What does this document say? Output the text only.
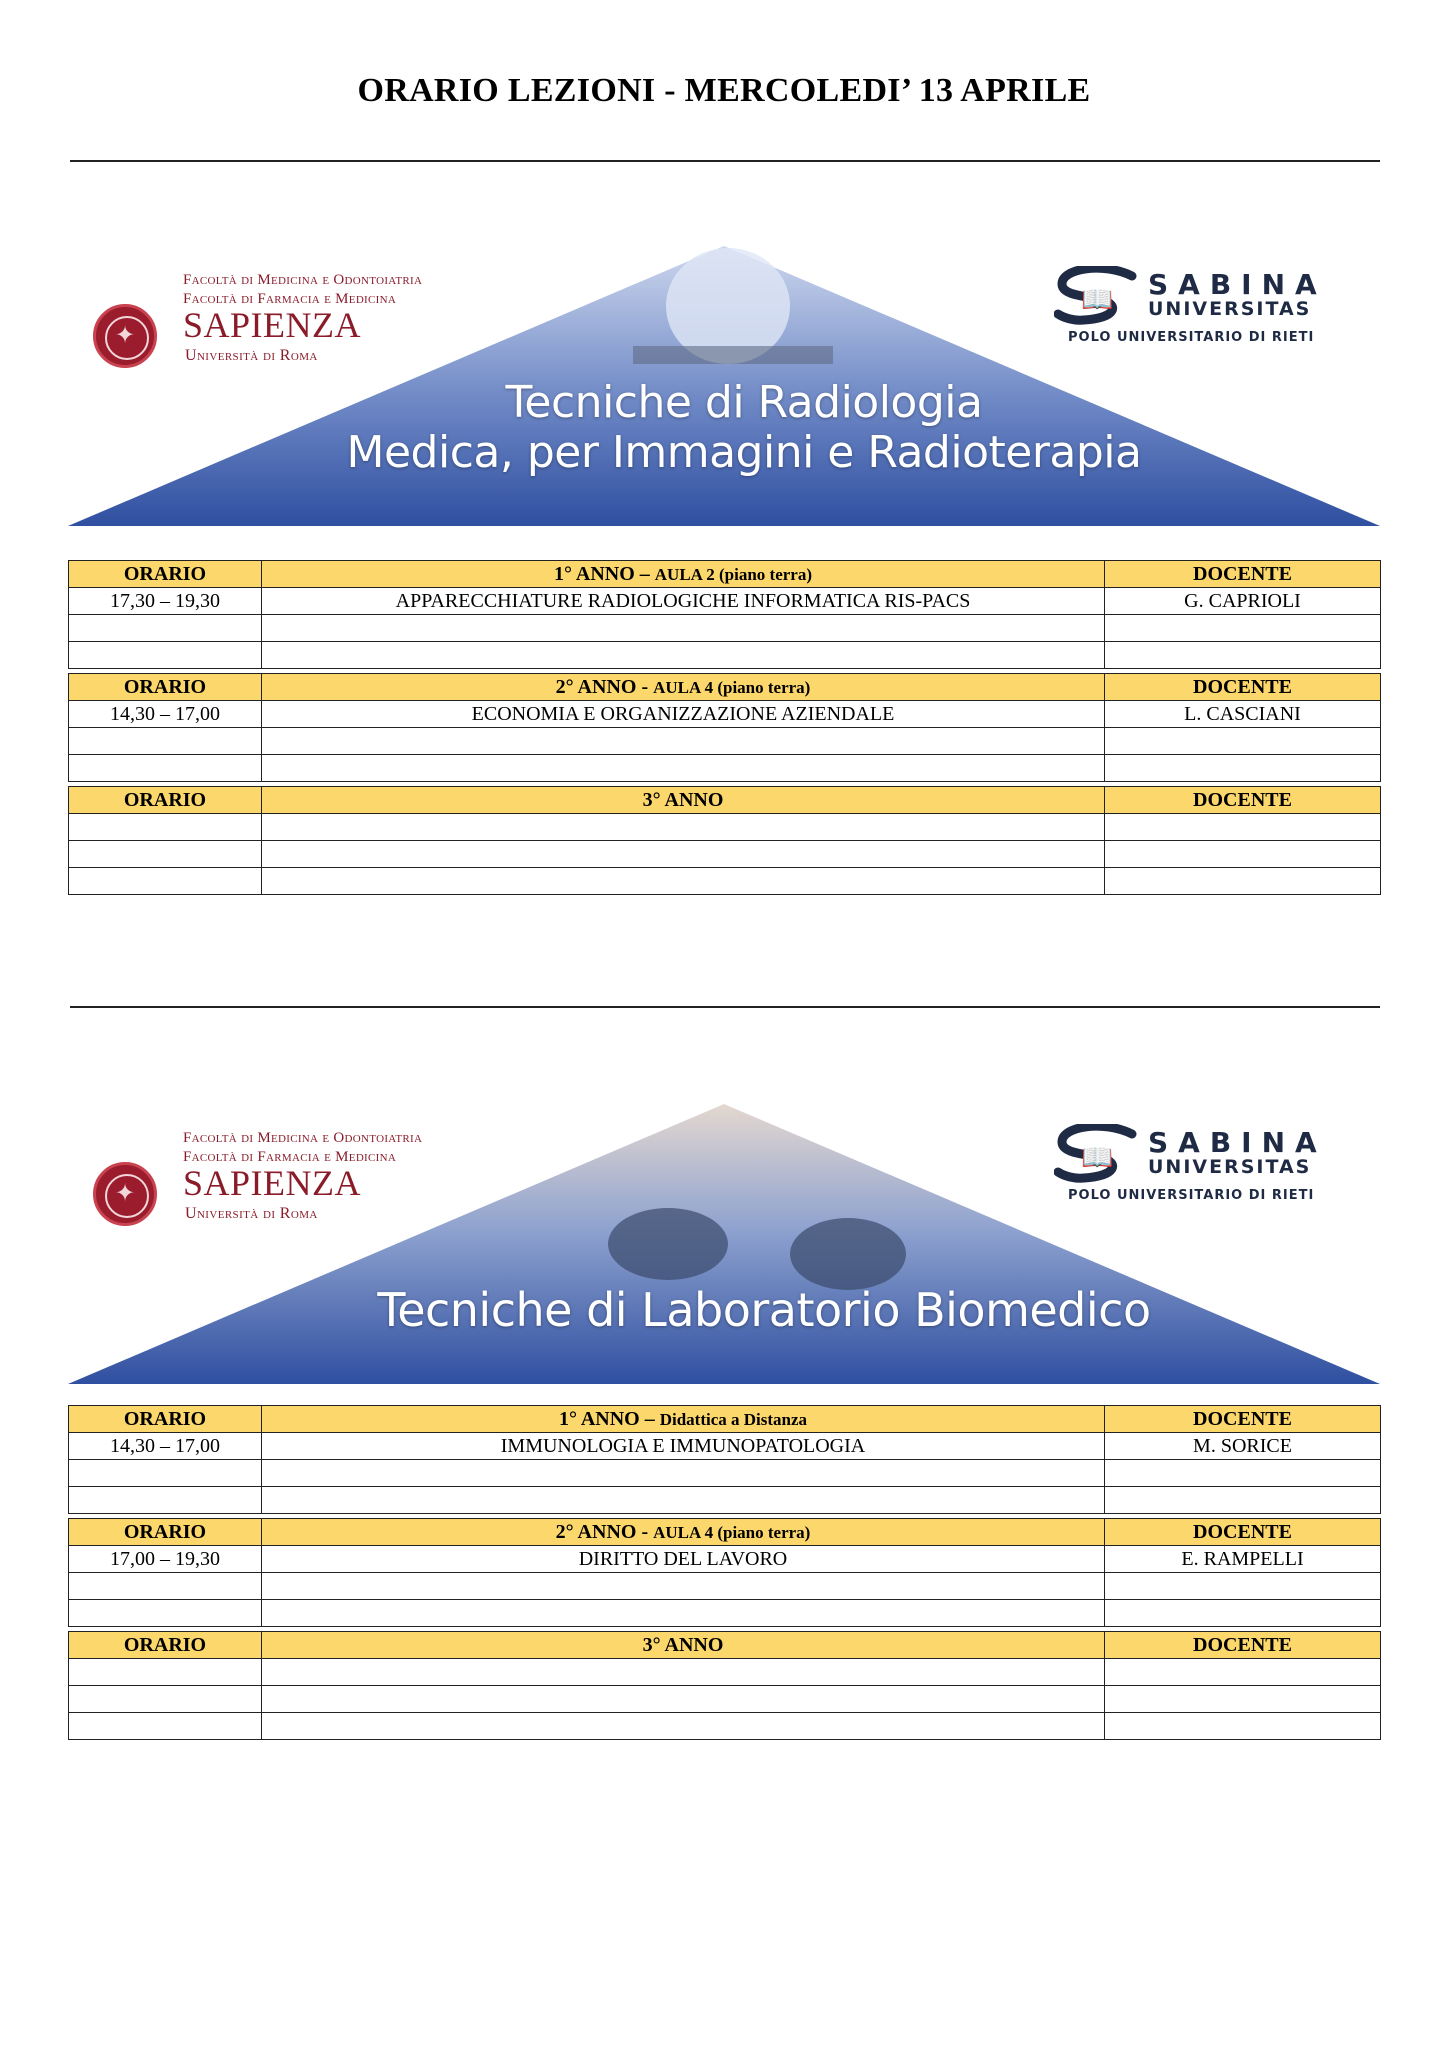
ORARIO LEZIONI - MERCOLEDI’ 13 APRILE
Facoltà di Medicina e Odontoiatria
Facoltà di Farmacia e Medicina
✦
SAPIENZA
Università di Roma
📖 SABINA
UNIVERSITAS
POLO UNIVERSITARIO DI RIETI
Tecniche di Radiologia
Medica, per Immagini e Radioterapia
ORARIO	1° ANNO – AULA 2 (piano terra)	DOCENTE
17,30 – 19,30	APPARECCHIATURE RADIOLOGICHE INFORMATICA RIS-PACS	G. CAPRIOLI

ORARIO	2° ANNO - AULA 4 (piano terra)	DOCENTE
14,30 – 17,00	ECONOMIA E ORGANIZZAZIONE AZIENDALE	L. CASCIANI

ORARIO	3° ANNO	DOCENTE

Facoltà di Medicina e Odontoiatria
Facoltà di Farmacia e Medicina
✦
SAPIENZA
Università di Roma
📖 SABINA
UNIVERSITAS
POLO UNIVERSITARIO DI RIETI
Tecniche di Laboratorio Biomedico
ORARIO	1° ANNO – Didattica a Distanza	DOCENTE
14,30 – 17,00	IMMUNOLOGIA E IMMUNOPATOLOGIA	M. SORICE

ORARIO	2° ANNO - AULA 4 (piano terra)	DOCENTE
17,00 – 19,30	DIRITTO DEL LAVORO	E. RAMPELLI

ORARIO	3° ANNO	DOCENTE
